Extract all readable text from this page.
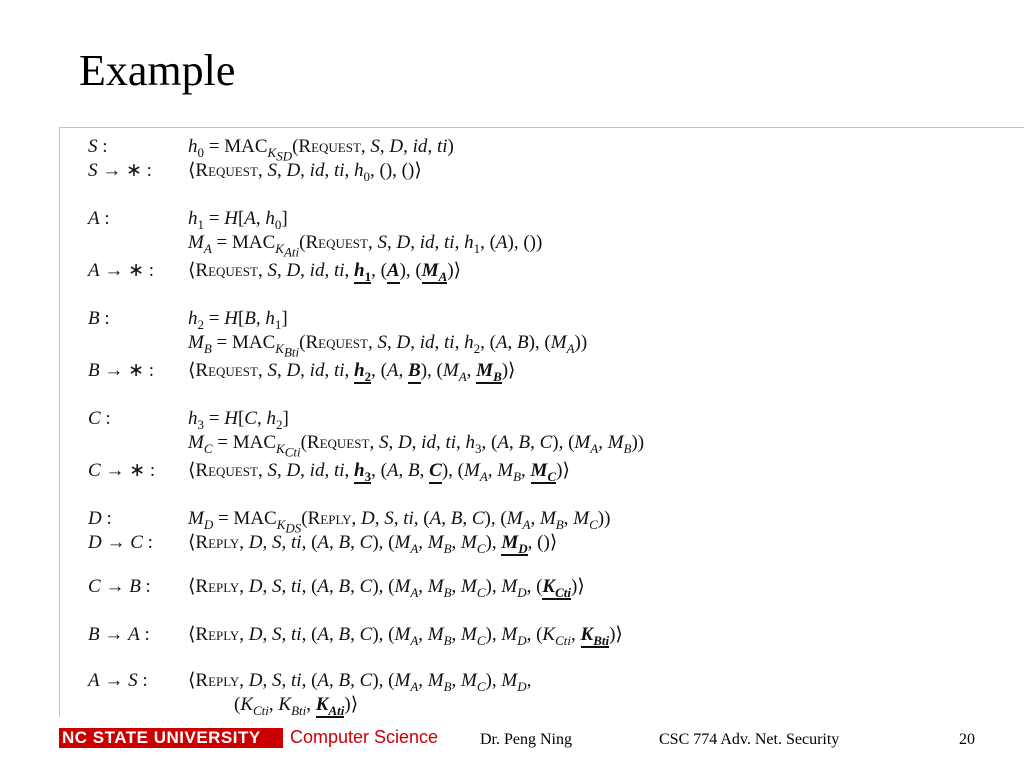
Example
S :	$h_0$ = $MAC_{K_{SD}}(Request$, S, D, id, ti)
S → ∗ : ⟨Request, S, D, id, ti, $h_0$, (), ()⟩
A :	$h_1 = H[A$, $h_0$]
$M_A$ = $MAC_{K_{Ati}}(Request$, S, D, id, ti, $h_1$, (A), ())
A → ∗ : ⟨Request, S, D, id, ti, $h_1$, (A), $(M_A)⟩$
B :	$h_2 = H[B$, $h_1$]
$M_B$ = $MAC_{K_{Bti}}(Request$, S, D, id, ti, $h_2$, (A, B), $(M_A)$)
B → ∗ : ⟨Request, S, D, id, ti, $h_2$, (A, B), ($M_A$, $M_B)⟩$
C :	$h_3 = H[C$, $h_2$]
$M_C$ = $MAC_{K_{Cti}}(Request$, S, D, id, ti, $h_3$, (A, B, C), ($M_A$, $M_B$))
C → ∗ : ⟨Request, S, D, id, ti, $h_3$, (A, B, C), ($M_A$, $M_B$, $M_C)⟩$
D :	$M_D$ = $MAC_{K_{DS}}(Reply$, D, S, ti, (A, B, C), ($M_A$, $M_B$, $M_C$))
D → C : ⟨Reply, D, S, ti, (A, B, C), ($M_A$, $M_B$, $M_C$), $M_D$, ()⟩
C → B : ⟨Reply, D, S, ti, (A, B, C), ($M_A$, $M_B$, $M_C$), $M_D$, $(K_{Cti})⟩$
B → A : ⟨Reply, D, S, ti, (A, B, C), ($M_A$, $M_B$, $M_C$), $M_D$, ($K_{Cti}$, $K_{Bti})⟩$
A → S : ⟨Reply, D, S, ti, (A, B, C), ($M_A$, $M_B$, $M_C$), $M_D$,
($K_{Cti}$, $K_{Bti}$, $K_{Ati})⟩$
NC STATE UNIVERSITY Computer Science	Dr. Peng Ning	CSC 774 Adv. Net. Security	20
